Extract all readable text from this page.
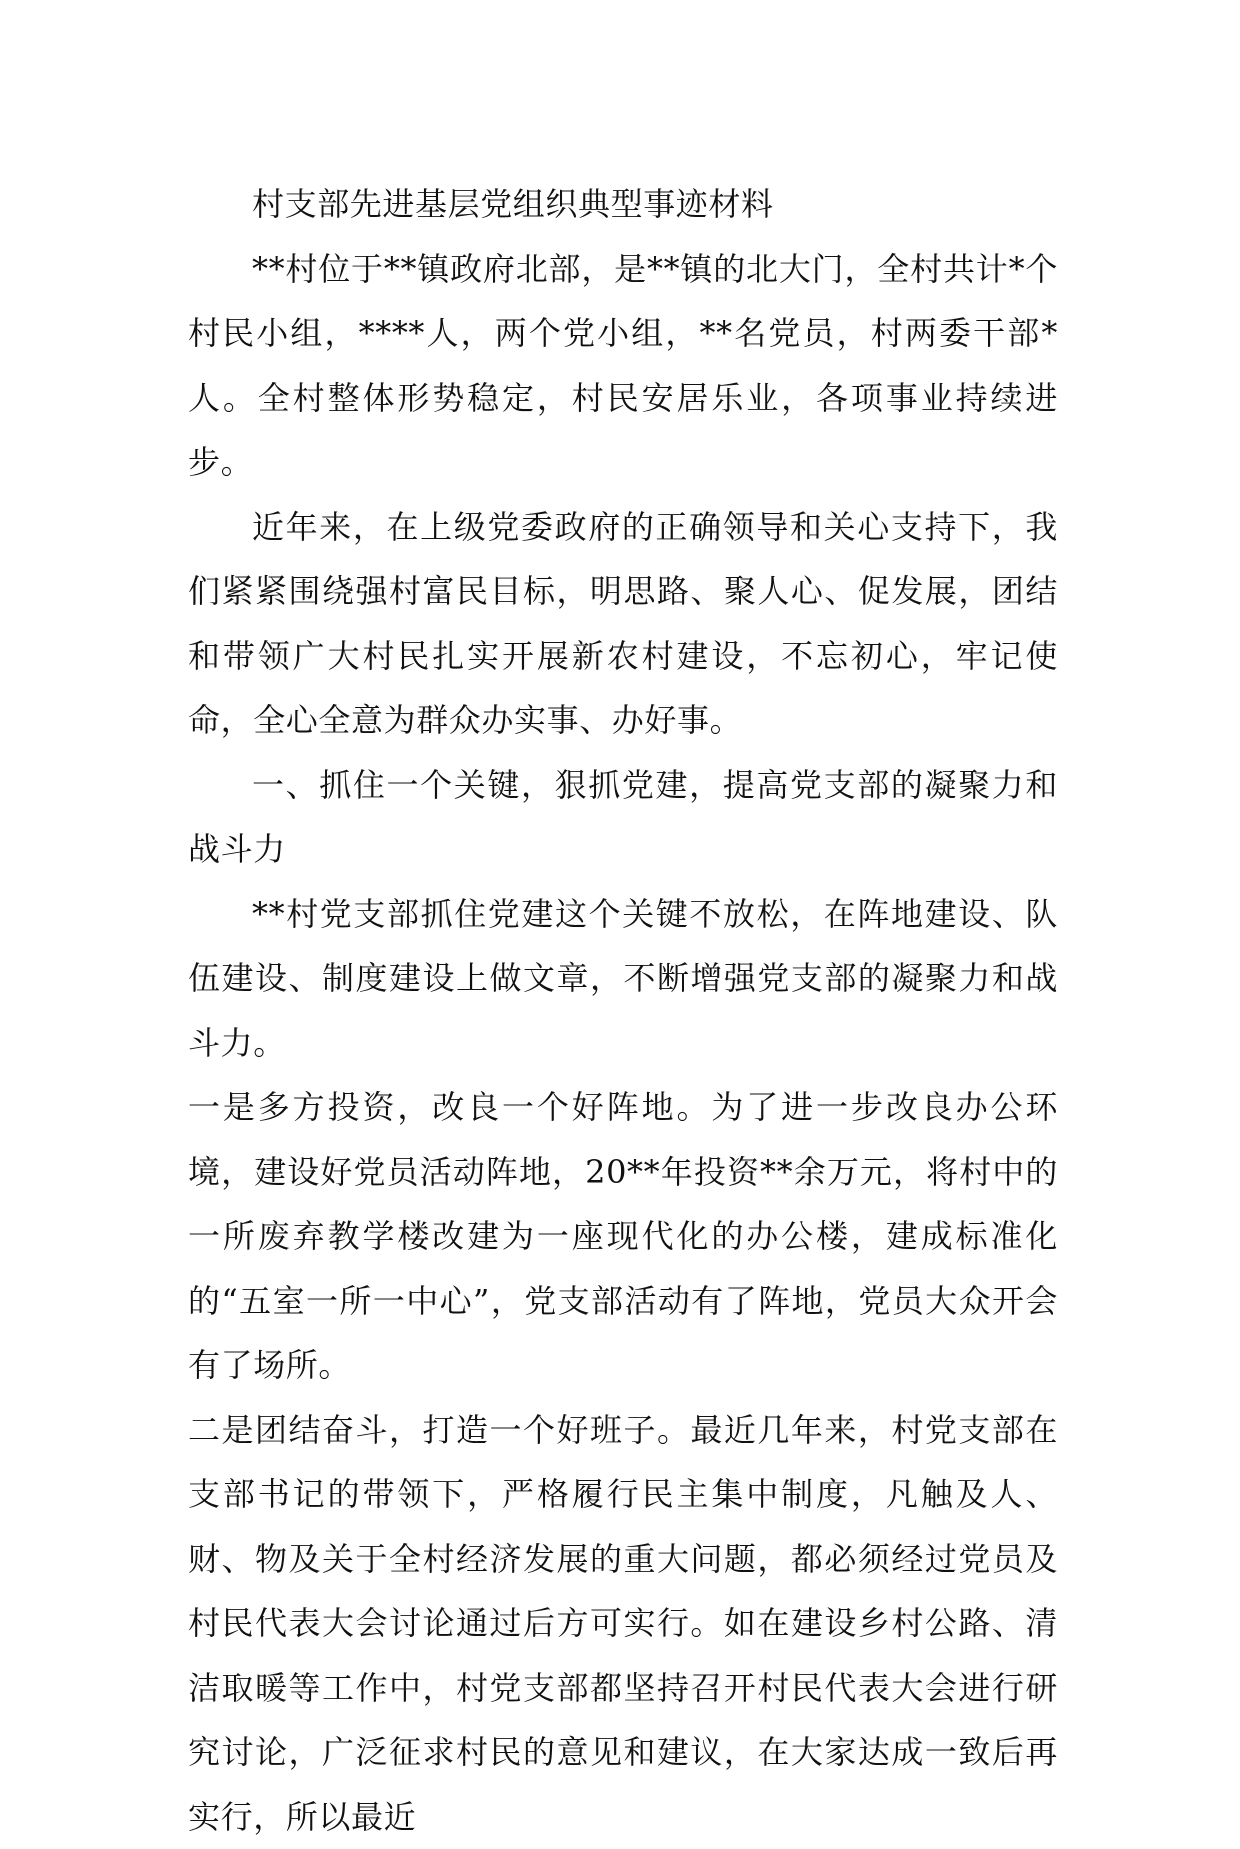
村支部先进基层党组织典型事迹材料

**村位于**镇政府北部，是**镇的北大门，全村共计*个村民小组，****人，两个党小组，**名党员，村两委干部*人。全村整体形势稳定，村民安居乐业，各项事业持续进步。

近年来，在上级党委政府的正确领导和关心支持下，我们紧紧围绕强村富民目标，明思路、聚人心、促发展，团结和带领广大村民扎实开展新农村建设，不忘初心，牢记使命，全心全意为群众办实事、办好事。

一、抓住一个关键，狠抓党建，提高党支部的凝聚力和战斗力

**村党支部抓住党建这个关键不放松，在阵地建设、队伍建设、制度建设上做文章，不断增强党支部的凝聚力和战斗力。

一是多方投资，改良一个好阵地。为了进一步改良办公环境，建设好党员活动阵地，20**年投资**余万元，将村中的一所废弃教学楼改建为一座现代化的办公楼，建成标准化的“五室一所一中心”，党支部活动有了阵地，党员大众开会有了场所。

二是团结奋斗，打造一个好班子。最近几年来，村党支部在支部书记的带领下，严格履行民主集中制度，凡触及人、财、物及关于全村经济发展的重大问题，都必须经过党员及村民代表大会讨论通过后方可实行。如在建设乡村公路、清洁取暖等工作中，村党支部都坚持召开村民代表大会进行研究讨论，广泛征求村民的意见和建议，在大家达成一致后再实行，所以最近
